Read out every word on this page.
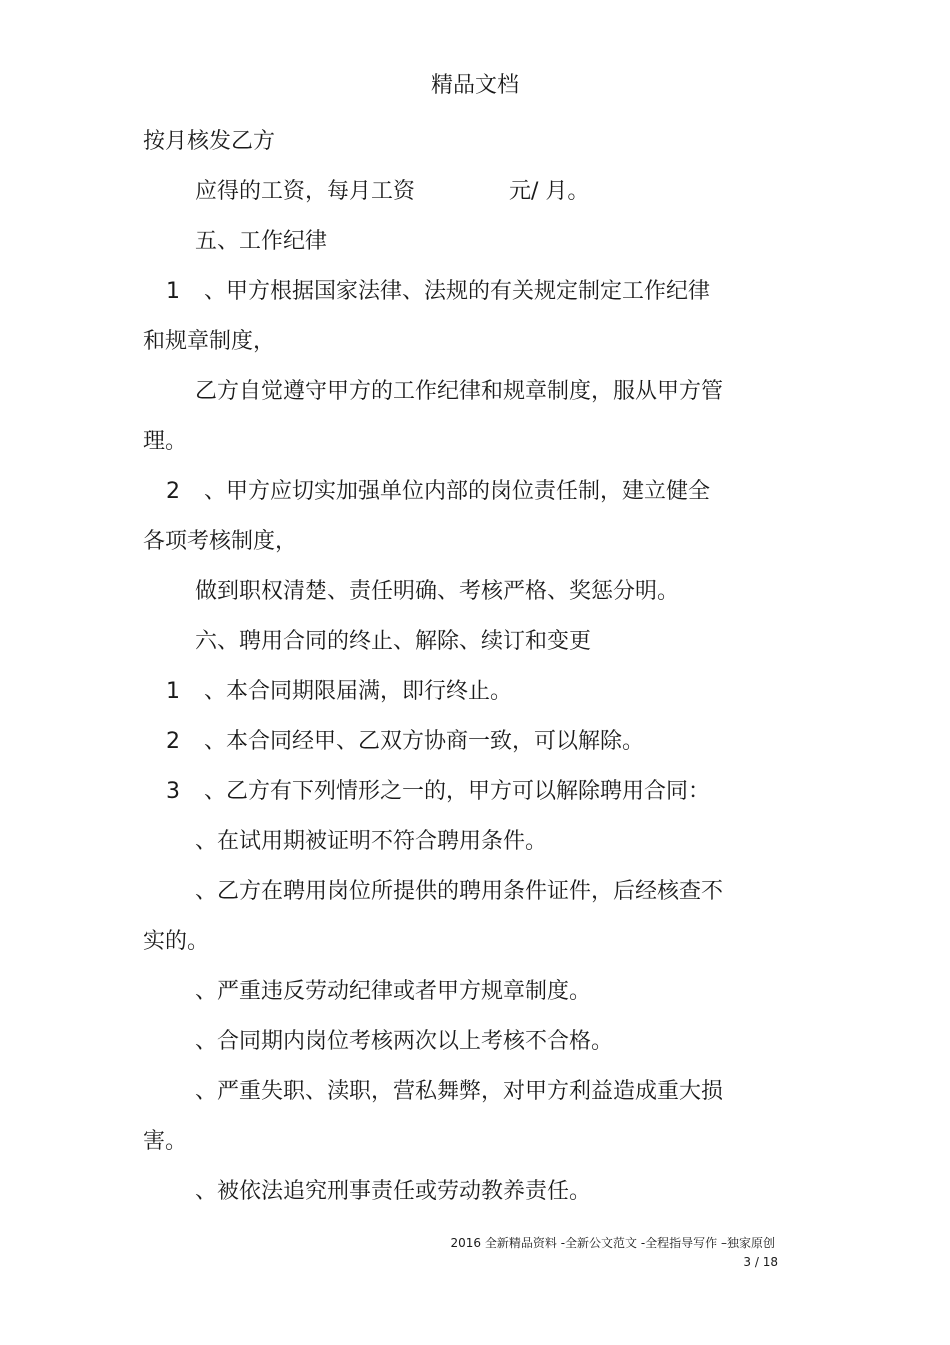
精品文档
按月核发乙方
应得的工资，每月工资	元/ 月。
五、工作纪律
1 、甲方根据国家法律、法规的有关规定制定工作纪律
和规章制度，
乙方自觉遵守甲方的工作纪律和规章制度，服从甲方管
理。
2 、甲方应切实加强单位内部的岗位责任制，建立健全
各项考核制度，
做到职权清楚、责任明确、考核严格、奖惩分明。
六、聘用合同的终止、解除、续订和变更
1 、本合同期限届满，即行终止。
2 、本合同经甲、乙双方协商一致，可以解除。
3 、乙方有下列情形之一的，甲方可以解除聘用合同：
、在试用期被证明不符合聘用条件。
、乙方在聘用岗位所提供的聘用条件证件，后经核查不
实的。
、严重违反劳动纪律或者甲方规章制度。
、合同期内岗位考核两次以上考核不合格。
、严重失职、渎职，营私舞弊，对甲方利益造成重大损
害。
、被依法追究刑事责任或劳动教养责任。
2016 全新精品资料 -全新公文范文 -全程指导写作 –独家原创
3 / 18
